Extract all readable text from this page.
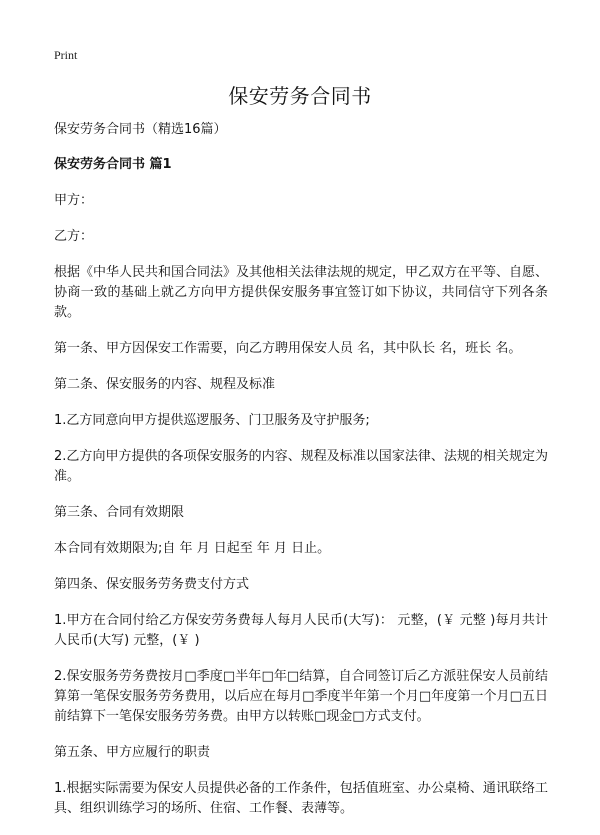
Print
保安劳务合同书

保安劳务合同书（精选16篇）

保安劳务合同书 篇1

甲方：

乙方：

根据《中华人民共和国合同法》及其他相关法律法规的规定，甲乙双方在平等、自愿、协商一致的基础上就乙方向甲方提供保安服务事宜签订如下协议，共同信守下列各条款。

第一条、甲方因保安工作需要，向乙方聘用保安人员 名，其中队长 名，班长 名。

第二条、保安服务的内容、规程及标准

1.乙方同意向甲方提供巡逻服务、门卫服务及守护服务;

2.乙方向甲方提供的各项保安服务的内容、规程及标准以国家法律、法规的相关规定为准。

第三条、合同有效期限

本合同有效期限为;自 年 月 日起至 年 月 日止。

第四条、保安服务劳务费支付方式

1.甲方在合同付给乙方保安劳务费每人每月人民币(大写)： 元整，(￥ 元整 )每月共计人民币(大写) 元整，(￥ )

2.保安服务劳务费按月□季度□半年□年□结算，自合同签订后乙方派驻保安人员前结算第一笔保安服务劳务费用，以后应在每月□季度半年第一个月□年度第一个月□五日前结算下一笔保安服务劳务费。由甲方以转账□现金□方式支付。

第五条、甲方应履行的职责

1.根据实际需要为保安人员提供必备的工作条件，包括值班室、办公桌椅、通讯联络工具、组织训练学习的场所、住宿、工作餐、表薄等。
